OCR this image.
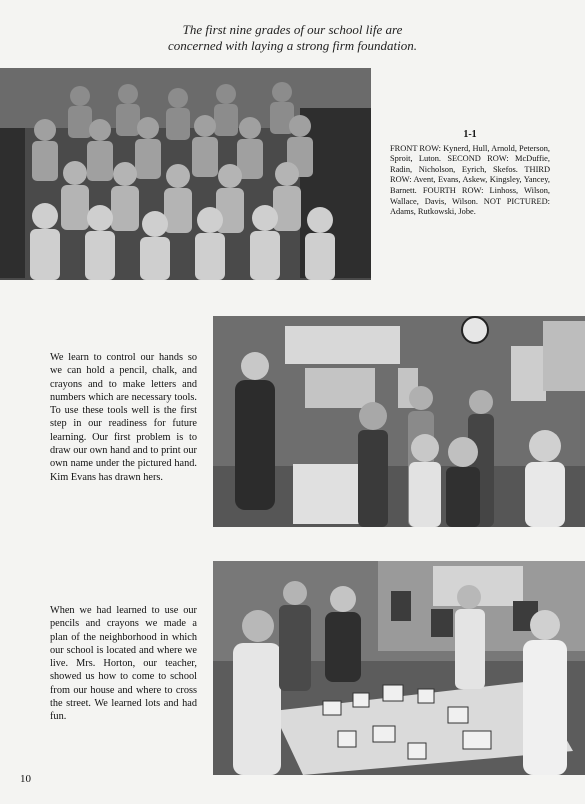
The first nine grades of our school life are
concerned with laying a strong firm foundation.
1-1
FRONT ROW: Kynerd, Hull, Arnold, Peterson, Sproit, Luton. SECOND ROW: McDuffie, Radin, Nicholson, Eyrich, Skefos. THIRD ROW: Avent, Evans, Askew, Kingsley, Yancey, Barnett. FOURTH ROW: Linhoss, Wilson, Wallace, Davis, Wilson. NOT PICTURED: Adams, Rutkowski, Jobe.
We learn to control our hands so we can hold a pencil, chalk, and crayons and to make letters and numbers which are necessary tools. To use these tools well is the first step in our readiness for future learning. Our first problem is to draw our own hand and to print our own name under the pictured hand. Kim Evans has drawn hers.
When we had learned to use our pencils and crayons we made a plan of the neighborhood in which our school is located and where we live. Mrs. Horton, our teacher, showed us how to come to school from our house and where to cross the street. We learned lots and had fun.
10
